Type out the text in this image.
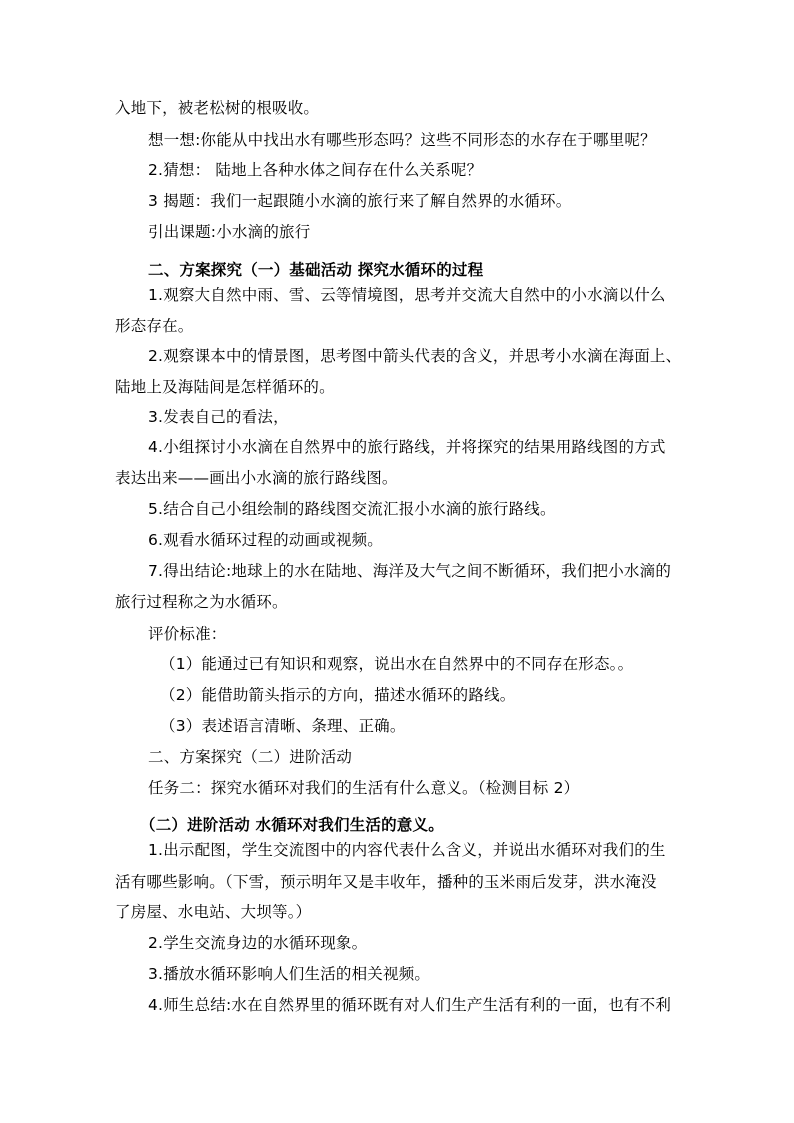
入地下，被老松树的根吸收。
想一想:你能从中找出水有哪些形态吗？这些不同形态的水存在于哪里呢？
2.猜想： 陆地上各种水体之间存在什么关系呢？
3 揭题：我们一起跟随小水滴的旅行来了解自然界的水循环。
引出课题:小水滴的旅行
二、方案探究（一）基础活动 探究水循环的过程
1.观察大自然中雨、雪、云等情境图，思考并交流大自然中的小水滴以什么
形态存在。
2.观察课本中的情景图，思考图中箭头代表的含义，并思考小水滴在海面上、
陆地上及海陆间是怎样循环的。
3.发表自己的看法，
4.小组探讨小水滴在自然界中的旅行路线，并将探究的结果用路线图的方式
表达出来——画出小水滴的旅行路线图。
5.结合自己小组绘制的路线图交流汇报小水滴的旅行路线。
6.观看水循环过程的动画或视频。
7.得出结论:地球上的水在陆地、海洋及大气之间不断循环，我们把小水滴的
旅行过程称之为水循环。
评价标准：
（1）能通过已有知识和观察，说出水在自然界中的不同存在形态。。
（2）能借助箭头指示的方向，描述水循环的路线。
（3）表述语言清晰、条理、正确。
二、方案探究（二）进阶活动
任务二：探究水循环对我们的生活有什么意义。（检测目标 2）
（二）进阶活动 水循环对我们生活的意义。
1.出示配图，学生交流图中的内容代表什么含义，并说出水循环对我们的生
活有哪些影响。（下雪，预示明年又是丰收年，播种的玉米雨后发芽，洪水淹没
了房屋、水电站、大坝等。）
2.学生交流身边的水循环现象。
3.播放水循环影响人们生活的相关视频。
4.师生总结:水在自然界里的循环既有对人们生产生活有利的一面，也有不利
